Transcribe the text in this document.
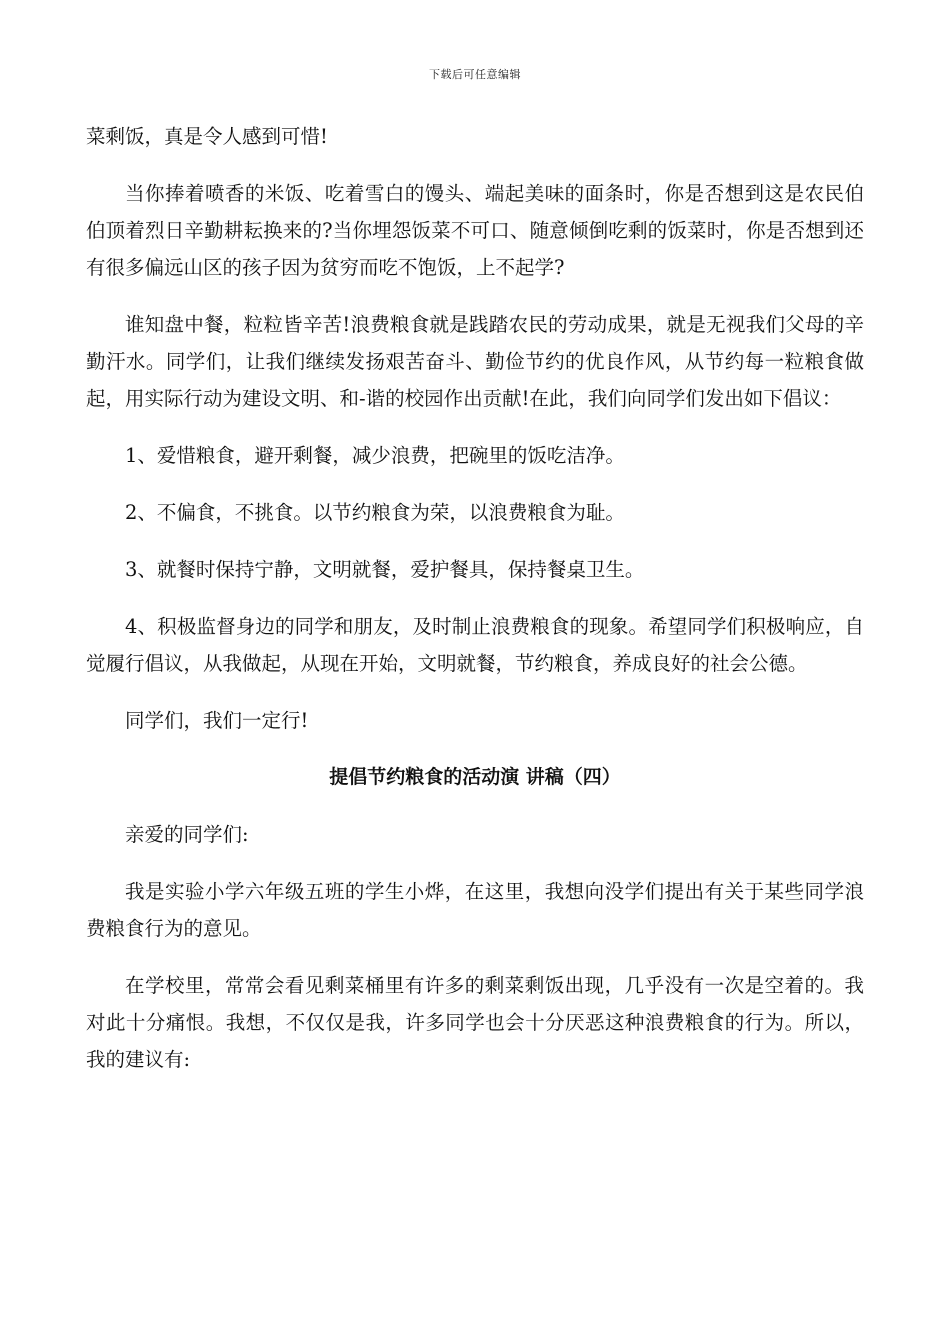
下载后可任意编辑

菜剩饭，真是令人感到可惜!

当你捧着喷香的米饭、吃着雪白的馒头、端起美味的面条时，你是否想到这是农民伯伯顶着烈日辛勤耕耘换来的?当你埋怨饭菜不可口、随意倾倒吃剩的饭菜时，你是否想到还有很多偏远山区的孩子因为贫穷而吃不饱饭，上不起学?

谁知盘中餐，粒粒皆辛苦!浪费粮食就是践踏农民的劳动成果，就是无视我们父母的辛勤汗水。同学们，让我们继续发扬艰苦奋斗、勤俭节约的优良作风，从节约每一粒粮食做起，用实际行动为建设文明、和-谐的校园作出贡献!在此，我们向同学们发出如下倡议：

1、爱惜粮食，避开剩餐，减少浪费，把碗里的饭吃洁净。

2、不偏食，不挑食。以节约粮食为荣，以浪费粮食为耻。

3、就餐时保持宁静，文明就餐，爱护餐具，保持餐桌卫生。

4、积极监督身边的同学和朋友，及时制止浪费粮食的现象。希望同学们积极响应，自觉履行倡议，从我做起，从现在开始，文明就餐，节约粮食，养成良好的社会公德。

同学们，我们一定行!

提倡节约粮食的活动演 讲稿（四）

亲爱的同学们:

我是实验小学六年级五班的学生小烨，在这里，我想向没学们提出有关于某些同学浪费粮食行为的意见。

在学校里，常常会看见剩菜桶里有许多的剩菜剩饭出现，几乎没有一次是空着的。我对此十分痛恨。我想，不仅仅是我，许多同学也会十分厌恶这种浪费粮食的行为。所以，我的建议有:
